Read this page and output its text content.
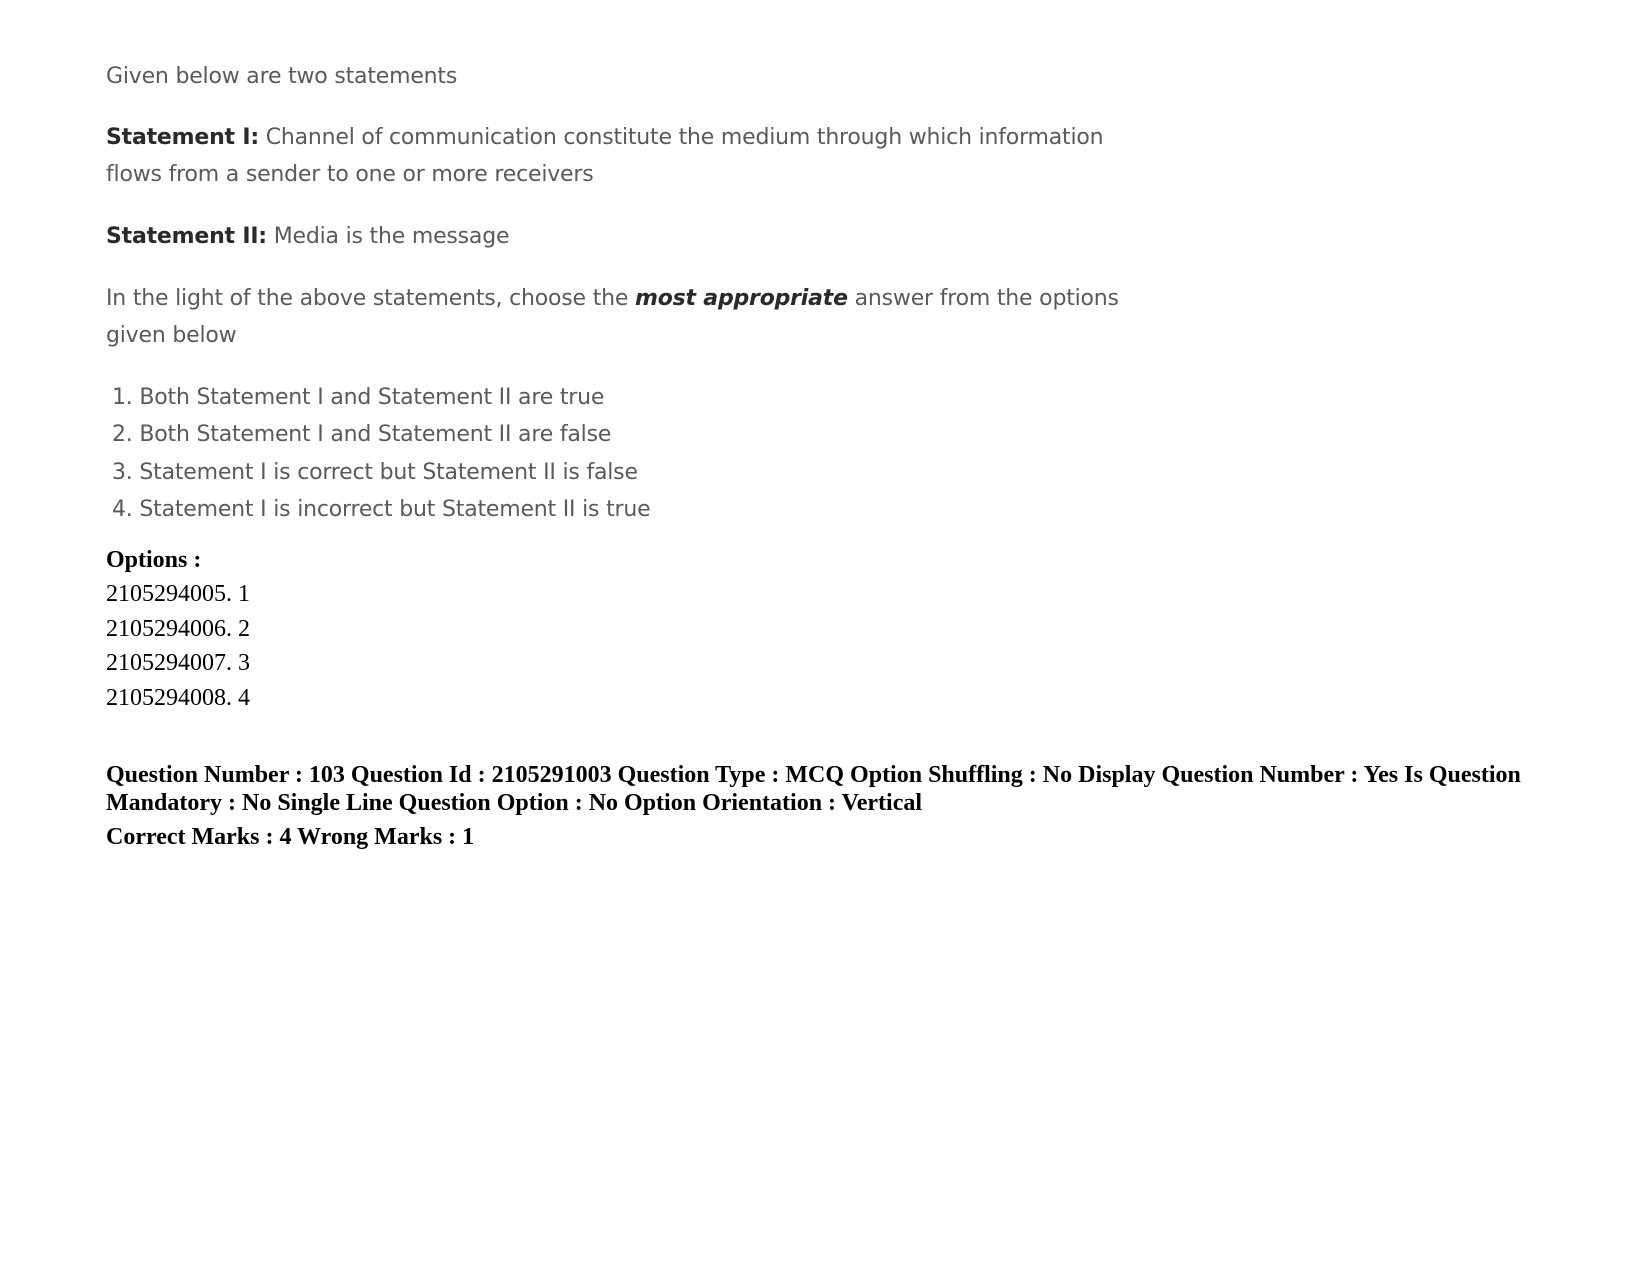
Given below are two statements
Statement I: Channel of communication constitute the medium through which information
flows from a sender to one or more receivers
Statement II: Media is the message
In the light of the above statements, choose the most appropriate answer from the options
given below
1. Both Statement I and Statement II are true
2. Both Statement I and Statement II are false
3. Statement I is correct but Statement II is false
4. Statement I is incorrect but Statement II is true
Options :
2105294005. 1
2105294006. 2
2105294007. 3
2105294008. 4
Question Number : 103 Question Id : 2105291003 Question Type : MCQ Option Shuffling : No Display Question Number : Yes Is Question Mandatory : No Single Line Question Option : No Option Orientation : Vertical
Correct Marks : 4 Wrong Marks : 1
